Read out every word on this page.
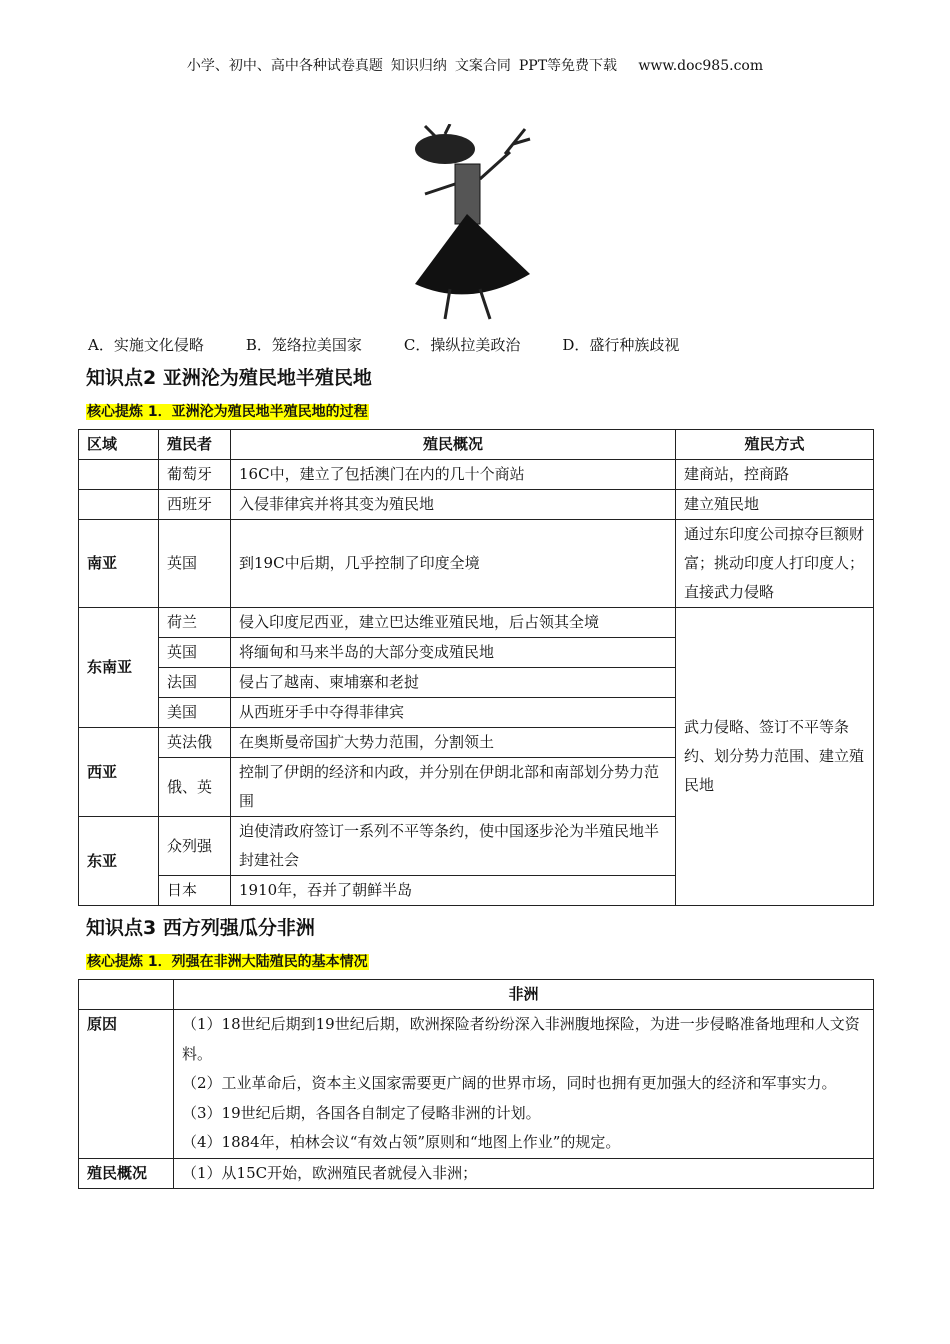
小学、初中、高中各种试卷真题 知识归纳 文案合同 PPT等免费下载 www.doc985.com
A．实施文化侵略	B．笼络拉美国家	C．操纵拉美政治	D．盛行种族歧视
知识点2 亚洲沦为殖民地半殖民地
核心提炼 1．亚洲沦为殖民地半殖民地的过程
区域	殖民者	殖民概况	殖民方式
	葡萄牙	16C中，建立了包括澳门在内的几十个商站	建商站，控商路
	西班牙	入侵菲律宾并将其变为殖民地	建立殖民地
南亚	英国	到19C中后期，几乎控制了印度全境	通过东印度公司掠夺巨额财富；挑动印度人打印度人；直接武力侵略
东南亚	荷兰	侵入印度尼西亚，建立巴达维亚殖民地，后占领其全境	武力侵略、签订不平等条约、划分势力范围、建立殖民地
	英国	将缅甸和马来半岛的大部分变成殖民地	
	法国	侵占了越南、柬埔寨和老挝	
	美国	从西班牙手中夺得菲律宾	
西亚	英法俄	在奥斯曼帝国扩大势力范围，分割领土	
	俄、英	控制了伊朗的经济和内政，并分别在伊朗北部和南部划分势力范围	
东亚	众列强	迫使清政府签订一系列不平等条约，使中国逐步沦为半殖民地半封建社会	
	日本	1910年，吞并了朝鲜半岛	
知识点3 西方列强瓜分非洲
核心提炼 1．列强在非洲大陆殖民的基本情况
	非洲
原因	（1）18世纪后期到19世纪后期，欧洲探险者纷纷深入非洲腹地探险，为进一步侵略准备地理和人文资料。
（2）工业革命后，资本主义国家需要更广阔的世界市场，同时也拥有更加强大的经济和军事实力。
（3）19世纪后期，各国各自制定了侵略非洲的计划。
（4）1884年，柏林会议“有效占领”原则和“地图上作业”的规定。

殖民概况	（1）从15C开始，欧洲殖民者就侵入非洲；
